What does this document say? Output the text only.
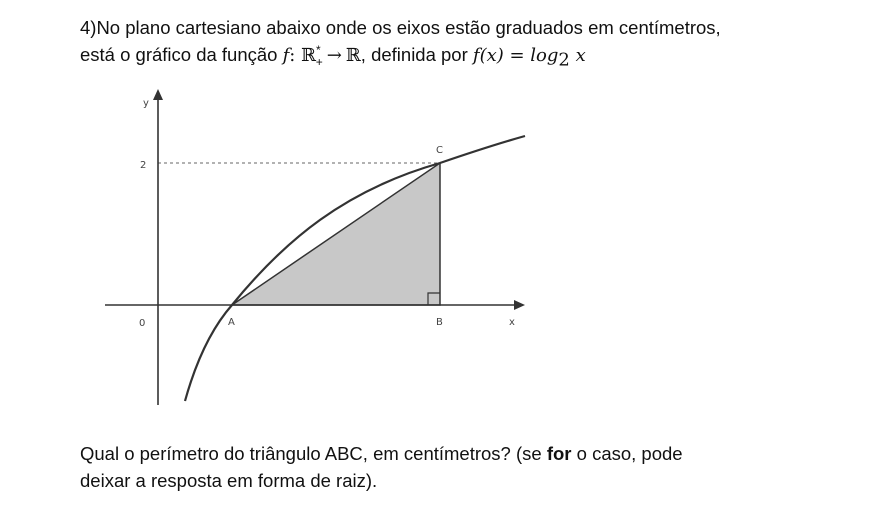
4)No plano cartesiano abaixo onde os eixos estão graduados em centímetros,
está o gráfico da função f: ℝ*$_+$ → ℝ, definida por $f(x) = \log_2 x$
y
x
0
2
A	B
C
Qual o perímetro do triângulo ABC, em centímetros? (se for o caso, pode
deixar a resposta em forma de raiz).
